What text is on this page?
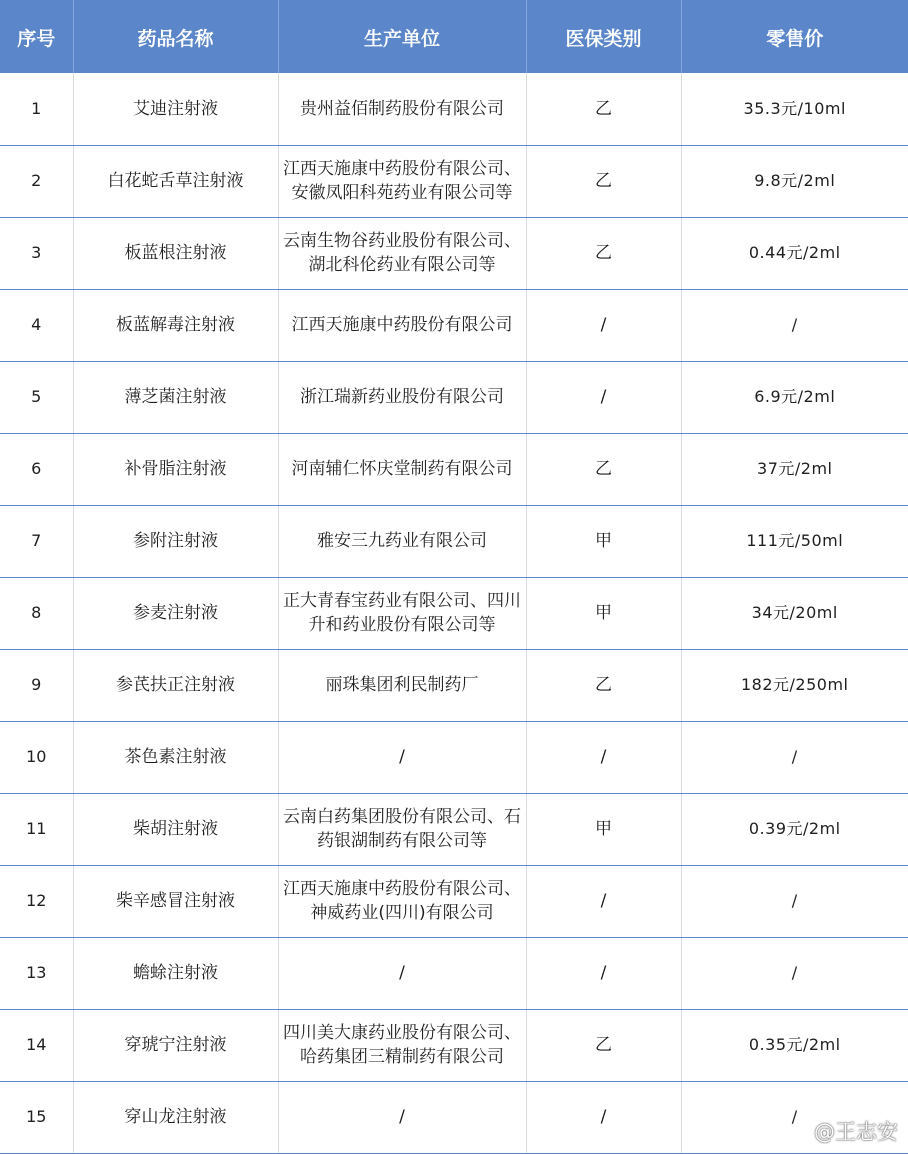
序号	药品名称	生产单位	医保类别	零售价
1	艾迪注射液	贵州益佰制药股份有限公司	乙	35.3元/10ml
2	白花蛇舌草注射液	江西天施康中药股份有限公司、安徽凤阳科苑药业有限公司等	乙	9.8元/2ml
3	板蓝根注射液	云南生物谷药业股份有限公司、湖北科伦药业有限公司等	乙	0.44元/2ml
4	板蓝解毒注射液	江西天施康中药股份有限公司	/	/
5	薄芝菌注射液	浙江瑞新药业股份有限公司	/	6.9元/2ml
6	补骨脂注射液	河南辅仁怀庆堂制药有限公司	乙	37元/2ml
7	参附注射液	雅安三九药业有限公司	甲	111元/50ml
8	参麦注射液	正大青春宝药业有限公司、四川升和药业股份有限公司等	甲	34元/20ml
9	参芪扶正注射液	丽珠集团利民制药厂	乙	182元/250ml
10	茶色素注射液	/	/	/
11	柴胡注射液	云南白药集团股份有限公司、石药银湖制药有限公司等	甲	0.39元/2ml
12	柴辛感冒注射液	江西天施康中药股份有限公司、神威药业(四川)有限公司	/	/
13	蟾蜍注射液	/	/	/
14	穿琥宁注射液	四川美大康药业股份有限公司、哈药集团三精制药有限公司	乙	0.35元/2ml
15	穿山龙注射液	/	/	/
@王志安
